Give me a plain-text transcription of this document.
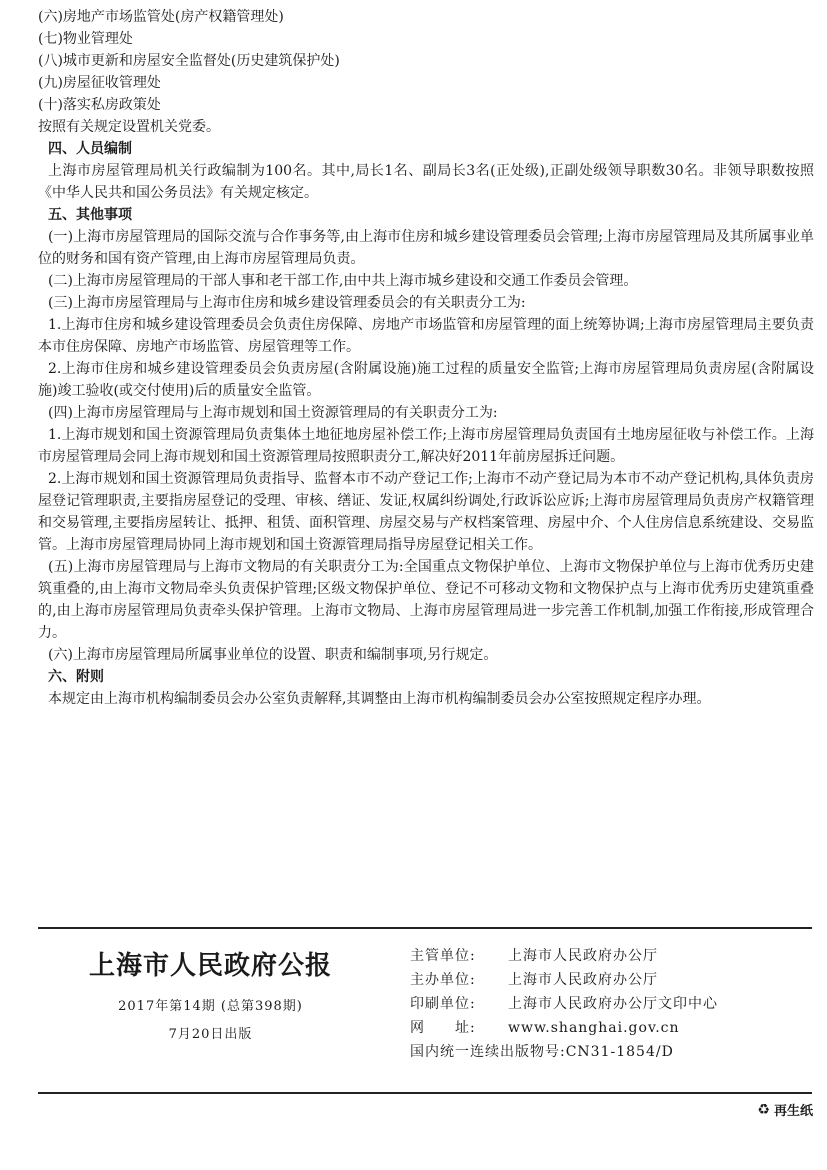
(六)房地产市场监管处(房产权籍管理处)

(七)物业管理处

(八)城市更新和房屋安全监督处(历史建筑保护处)

(九)房屋征收管理处

(十)落实私房政策处

按照有关规定设置机关党委。

四、人员编制

上海市房屋管理局机关行政编制为100名。其中,局长1名、副局长3名(正处级),正副处级领导职数30名。非领导职数按照《中华人民共和国公务员法》有关规定核定。

五、其他事项

(一)上海市房屋管理局的国际交流与合作事务等,由上海市住房和城乡建设管理委员会管理;上海市房屋管理局及其所属事业单位的财务和国有资产管理,由上海市房屋管理局负责。

(二)上海市房屋管理局的干部人事和老干部工作,由中共上海市城乡建设和交通工作委员会管理。

(三)上海市房屋管理局与上海市住房和城乡建设管理委员会的有关职责分工为:

1.上海市住房和城乡建设管理委员会负责住房保障、房地产市场监管和房屋管理的面上统筹协调;上海市房屋管理局主要负责本市住房保障、房地产市场监管、房屋管理等工作。

2.上海市住房和城乡建设管理委员会负责房屋(含附属设施)施工过程的质量安全监管;上海市房屋管理局负责房屋(含附属设施)竣工验收(或交付使用)后的质量安全监管。

(四)上海市房屋管理局与上海市规划和国土资源管理局的有关职责分工为:

1.上海市规划和国土资源管理局负责集体土地征地房屋补偿工作;上海市房屋管理局负责国有土地房屋征收与补偿工作。上海市房屋管理局会同上海市规划和国土资源管理局按照职责分工,解决好2011年前房屋拆迁问题。

2.上海市规划和国土资源管理局负责指导、监督本市不动产登记工作;上海市不动产登记局为本市不动产登记机构,具体负责房屋登记管理职责,主要指房屋登记的受理、审核、缮证、发证,权属纠纷调处,行政诉讼应诉;上海市房屋管理局负责房产权籍管理和交易管理,主要指房屋转让、抵押、租赁、面积管理、房屋交易与产权档案管理、房屋中介、个人住房信息系统建设、交易监管。上海市房屋管理局协同上海市规划和国土资源管理局指导房屋登记相关工作。

(五)上海市房屋管理局与上海市文物局的有关职责分工为:全国重点文物保护单位、上海市文物保护单位与上海市优秀历史建筑重叠的,由上海市文物局牵头负责保护管理;区级文物保护单位、登记不可移动文物和文物保护点与上海市优秀历史建筑重叠的,由上海市房屋管理局负责牵头保护管理。上海市文物局、上海市房屋管理局进一步完善工作机制,加强工作衔接,形成管理合力。

(六)上海市房屋管理局所属事业单位的设置、职责和编制事项,另行规定。

六、附则

本规定由上海市机构编制委员会办公室负责解释,其调整由上海市机构编制委员会办公室按照规定程序办理。

上海市人民政府公报
2017年第14期 (总第398期)
7月20日出版
主管单位:	上海市人民政府办公厅
主办单位:	上海市人民政府办公厅
印刷单位:	上海市人民政府办公厅文印中心
网　　址:	www.shanghai.gov.cn
国内统一连续出版物号: CN31-1854/D
♻ 再生纸
